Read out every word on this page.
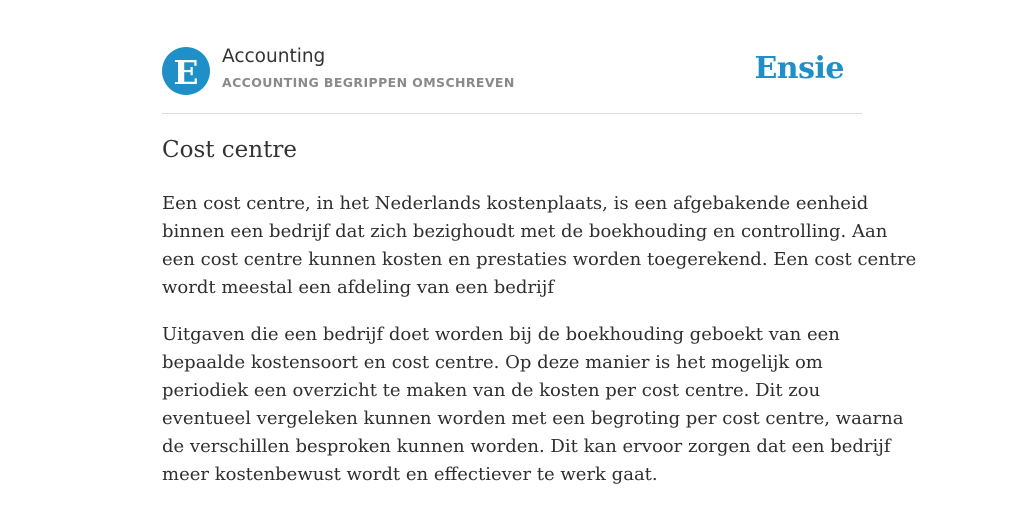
E Accounting
ACCOUNTING BEGRIPPEN OMSCHREVEN	Ensie
Cost centre

Een cost centre, in het Nederlands kostenplaats, is een afgebakende eenheid
binnen een bedrijf dat zich bezighoudt met de boekhouding en controlling. Aan
een cost centre kunnen kosten en prestaties worden toegerekend. Een cost centre
wordt meestal een afdeling van een bedrijf

Uitgaven die een bedrijf doet worden bij de boekhouding geboekt van een
bepaalde kostensoort en cost centre. Op deze manier is het mogelijk om
periodiek een overzicht te maken van de kosten per cost centre. Dit zou
eventueel vergeleken kunnen worden met een begroting per cost centre, waarna
de verschillen besproken kunnen worden. Dit kan ervoor zorgen dat een bedrijf
meer kostenbewust wordt en effectiever te werk gaat.
